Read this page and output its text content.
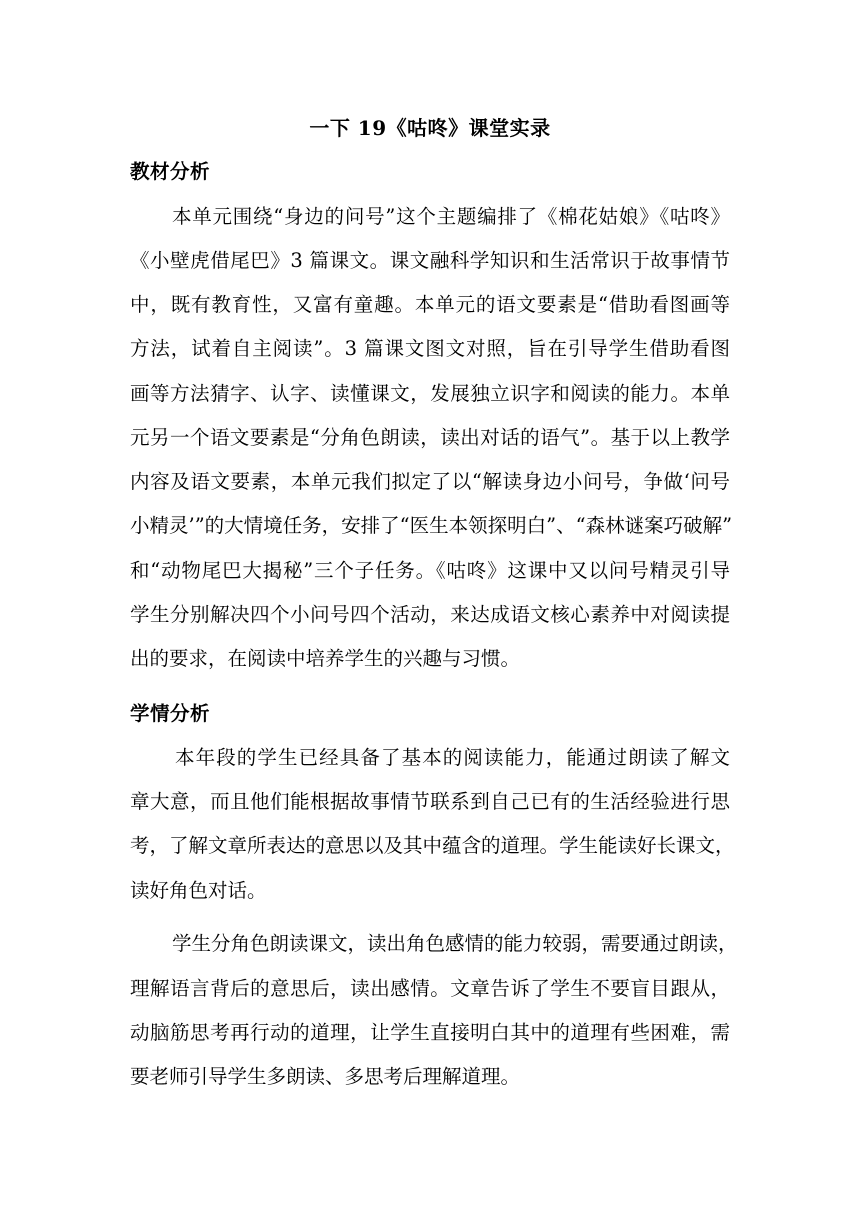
一下 19《咕咚》课堂实录
教材分析
本单元围绕“身边的问号”这个主题编排了《棉花姑娘》《咕咚》
《小壁虎借尾巴》3 篇课文。课文融科学知识和生活常识于故事情节
中，既有教育性，又富有童趣。本单元的语文要素是“借助看图画等
方法，试着自主阅读”。3 篇课文图文对照，旨在引导学生借助看图
画等方法猜字、认字、读懂课文，发展独立识字和阅读的能力。本单
元另一个语文要素是“分角色朗读，读出对话的语气”。基于以上教学
内容及语文要素，本单元我们拟定了以“解读身边小问号，争做‘问号
小精灵’”的大情境任务，安排了“医生本领探明白”、“森林谜案巧破解”
和“动物尾巴大揭秘”三个子任务。《咕咚》这课中又以问号精灵引导
学生分别解决四个小问号四个活动，来达成语文核心素养中对阅读提
出的要求，在阅读中培养学生的兴趣与习惯。
学情分析
本年段的学生已经具备了基本的阅读能力，能通过朗读了解文
章大意，而且他们能根据故事情节联系到自己已有的生活经验进行思
考，了解文章所表达的意思以及其中蕴含的道理。学生能读好长课文，
读好角色对话。
学生分角色朗读课文，读出角色感情的能力较弱，需要通过朗读，
理解语言背后的意思后，读出感情。文章告诉了学生不要盲目跟从，
动脑筋思考再行动的道理，让学生直接明白其中的道理有些困难，需
要老师引导学生多朗读、多思考后理解道理。
